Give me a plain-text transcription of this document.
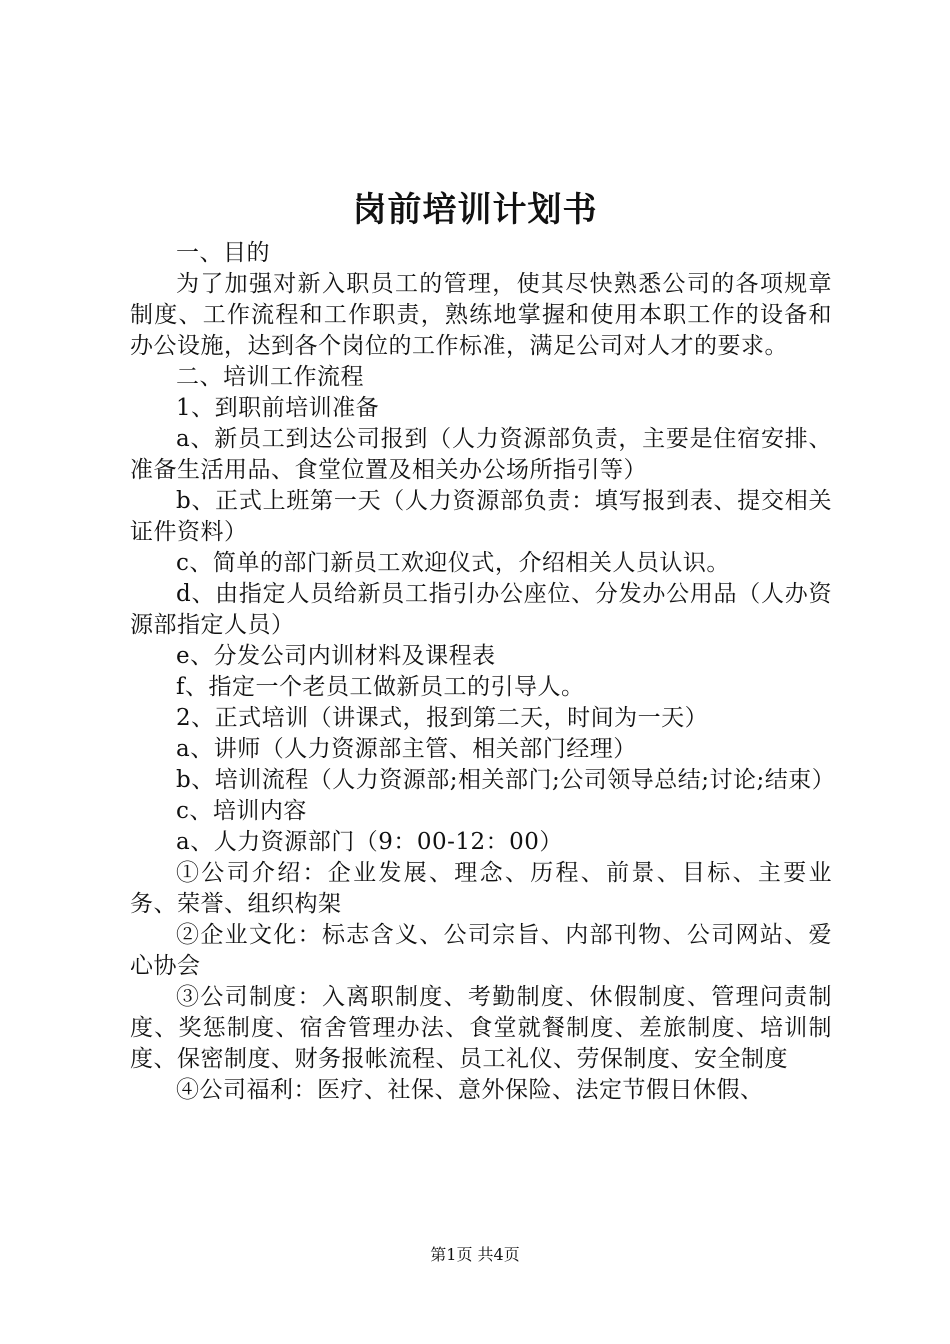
岗前培训计划书

一、目的

为了加强对新入职员工的管理，使其尽快熟悉公司的各项规章制度、工作流程和工作职责，熟练地掌握和使用本职工作的设备和办公设施，达到各个岗位的工作标准，满足公司对人才的要求。

二、培训工作流程

1、到职前培训准备

a、新员工到达公司报到（人力资源部负责，主要是住宿安排、准备生活用品、食堂位置及相关办公场所指引等）

b、正式上班第一天（人力资源部负责：填写报到表、提交相关证件资料）

c、简单的部门新员工欢迎仪式，介绍相关人员认识。

d、由指定人员给新员工指引办公座位、分发办公用品（人办资源部指定人员）

e、分发公司内训材料及课程表

f、指定一个老员工做新员工的引导人。

2、正式培训（讲课式，报到第二天，时间为一天）

a、讲师（人力资源部主管、相关部门经理）

b、培训流程（人力资源部;相关部门;公司领导总结;讨论;结束）

c、培训内容

a、人力资源部门（9：00-12：00）

①公司介绍：企业发展、理念、历程、前景、目标、主要业务、荣誉、组织构架

②企业文化：标志含义、公司宗旨、内部刊物、公司网站、爱心协会

③公司制度：入离职制度、考勤制度、休假制度、管理问责制度、奖惩制度、宿舍管理办法、食堂就餐制度、差旅制度、培训制度、保密制度、财务报帐流程、员工礼仪、劳保制度、安全制度

④公司福利：医疗、社保、意外保险、法定节假日休假、

第1页 共4页
